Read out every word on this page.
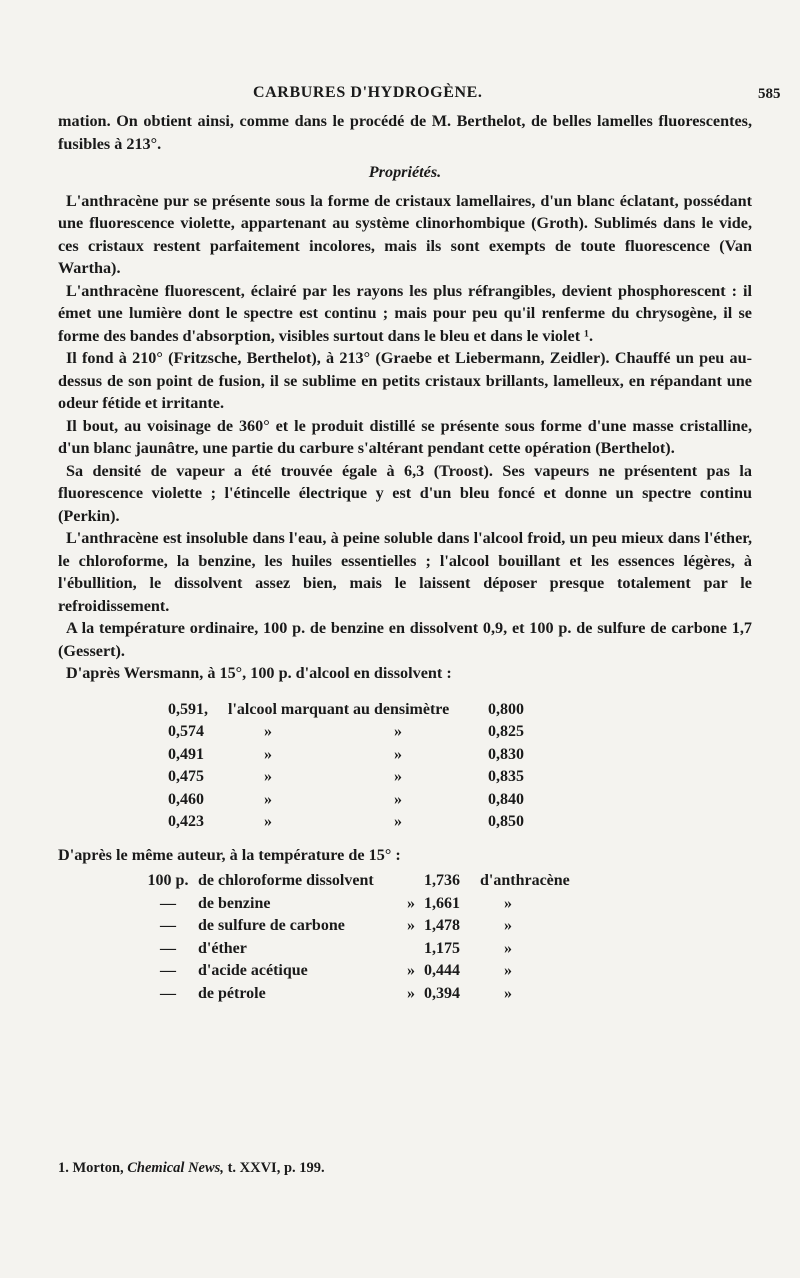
CARBURES D'HYDROGÈNE.	585

mation. On obtient ainsi, comme dans le procédé de M. Berthelot, de belles lamelles fluorescentes, fusibles à 213°.

Propriétés.

L'anthracène pur se présente sous la forme de cristaux lamellaires, d'un blanc éclatant, possédant une fluorescence violette, appartenant au système clinorhombique (Groth). Sublimés dans le vide, ces cristaux restent parfaitement incolores, mais ils sont exempts de toute fluorescence (Van Wartha).

L'anthracène fluorescent, éclairé par les rayons les plus réfrangibles, devient phosphorescent : il émet une lumière dont le spectre est continu ; mais pour peu qu'il renferme du chrysogène, il se forme des bandes d'absorption, visibles surtout dans le bleu et dans le violet ¹.

Il fond à 210° (Fritzsche, Berthelot), à 213° (Graebe et Liebermann, Zeidler). Chauffé un peu au-dessus de son point de fusion, il se sublime en petits cristaux brillants, lamelleux, en répandant une odeur fétide et irritante.

Il bout, au voisinage de 360° et le produit distillé se présente sous forme d'une masse cristalline, d'un blanc jaunâtre, une partie du carbure s'altérant pendant cette opération (Berthelot).

Sa densité de vapeur a été trouvée égale à 6,3 (Troost). Ses vapeurs ne présentent pas la fluorescence violette ; l'étincelle électrique y est d'un bleu foncé et donne un spectre continu (Perkin).

L'anthracène est insoluble dans l'eau, à peine soluble dans l'alcool froid, un peu mieux dans l'éther, le chloroforme, la benzine, les huiles essentielles ; l'alcool bouillant et les essences légères, à l'ébullition, le dissolvent assez bien, mais le laissent déposer presque totalement par le refroidissement.

A la température ordinaire, 100 p. de benzine en dissolvent 0,9, et 100 p. de sulfure de carbone 1,7 (Gessert).

D'après Wersmann, à 15°, 100 p. d'alcool en dissolvent :

0,591,	l'alcool marquant au densimètre		0,800
0,574	»	»	0,825
0,491	»	»	0,830
0,475	»	»	0,835
0,460	»	»	0,840
0,423	»	»	0,850

D'après le même auteur, à la température de 15° :

100 p.	de chloroforme dissolvent		1,736	d'anthracène
—	de benzine	»	1,661	»
—	de sulfure de carbone	»	1,478	»
—	d'éther		1,175	»
—	d'acide acétique	»	0,444	»
—	de pétrole	»	0,394	»
1. Morton, Chemical News, t. XXVI, p. 199.
